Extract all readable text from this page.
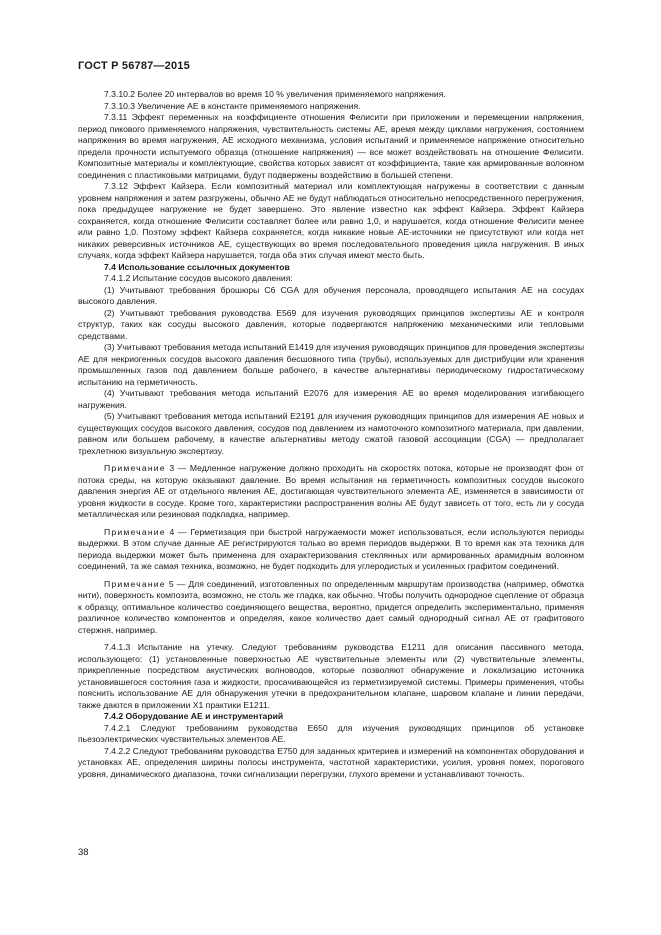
ГОСТ Р 56787—2015

7.3.10.2 Более 20 интервалов во время 10 % увеличения применяемого напряжения.

7.3.10.3 Увеличение АЕ в константе применяемого напряжения.

7.3.11 Эффект переменных на коэффициенте отношения Фелисити при приложении и перемещении напряжения, период пикового применяемого напряжения, чувствительность системы АЕ, время между циклами нагружения, состоянием напряжения во время нагружения, АЕ исходного механизма, условия испытаний и применяемое напряжение относительно предела прочности испытуемого образца (отношение напряжения) — все может воздействовать на отношение Фелисити. Композитные материалы и комплектующие, свойства которых зависят от коэффициента, такие как армированные волокном соединения с пластиковыми матрицами, будут подвержены воздействию в большей степени.

7.3.12 Эффект Кайзера. Если композитный материал или комплектующая нагружены в соответствии с данным уровнем напряжения и затем разгружены, обычно АЕ не будут наблюдаться относительно непосредственного перегружения, пока предыдущее нагружение не будет завершено. Это явление известно как эффект Кайзера. Эффект Кайзера сохраняется, когда отношение Фелисити составляет более или равно 1,0, и нарушается, когда отношение Фелисити менее или равно 1,0. Поэтому эффект Кайзера сохраняется, когда никакие новые АЕ-источники не присутствуют или когда нет никаких реверсивных источников АЕ, существующих во время последовательного проведения цикла нагружения. В иных случаях, когда эффект Кайзера нарушается, тогда оба этих случая имеют место быть.

7.4 Использование ссылочных документов

7.4.1.2 Испытание сосудов высокого давления:

(1) Учитывают требования брошюры С6 CGA для обучения персонала, проводящего испытания АЕ на сосудах высокого давления.

(2) Учитывают требования руководства Е569 для изучения руководящих принципов экспертизы АЕ и контроля структур, таких как сосуды высокого давления, которые подвергаются напряжению механическими или тепловыми средствами.

(3) Учитывают требования метода испытаний Е1419 для изучения руководящих принципов для проведения экспертизы АЕ для некриогенных сосудов высокого давления бесшовного типа (трубы), используемых для дистрибуции или хранения промышленных газов под давлением больше рабочего, в качестве альтернативы периодическому гидростатическому испытанию на герметичность.

(4) Учитывают требования метода испытаний Е2076 для измерения АЕ во время моделирования изгибающего нагружения.

(5) Учитывают требования метода испытаний Е2191 для изучения руководящих принципов для измерения АЕ новых и существующих сосудов высокого давления, сосудов под давлением из намоточного композитного материала, при давлении, равном или большем рабочему, в качестве альтернативы методу сжатой газовой ассоциации (CGA) — предполагает трехлетнюю визуальную экспертизу.

Примечание 3 — Медленное нагружение должно проходить на скоростях потока, которые не производят фон от потока среды, на которую оказывают давление. Во время испытания на герметичность композитных сосудов высокого давления энергия АЕ от отдельного явления АЕ, достигающая чувствительного элемента АЕ, изменяется в зависимости от уровня жидкости в сосуде. Кроме того, характеристики распространения волны АЕ будут зависеть от того, есть ли у сосуда металлическая или резиновая подкладка, например.

Примечание 4 — Герметизация при быстрой нагружаемости может использоваться, если используются периоды выдержки. В этом случае данные АЕ регистрируются только во время периодов выдержки. В то время как эта техника для периода выдержки может быть применена для охарактеризования стеклянных или армированных арамидным волокном соединений, та же самая техника, возможно, не будет подходить для углеродистых и усиленных графитом соединений.

Примечание 5 — Для соединений, изготовленных по определенным маршрутам производства (например, обмотка нити), поверхность композита, возможно, не столь же гладка, как обычно. Чтобы получить однородное сцепление от образца к образцу, оптимальное количество соединяющего вещества, вероятно, придется определить экспериментально, применяя различное количество компонентов и определяя, какое количество дает самый однородный сигнал АЕ от графитового стержня, например.

7.4.1.3 Испытание на утечку. Следуют требованиям руководства Е1211 для описания пассивного метода, использующего: (1) установленные поверхностью АЕ чувствительные элементы или (2) чувствительные элементы, прикрепленные посредством акустических волноводов, которые позволяют обнаружение и локализацию источника установившегося состояния газа и жидкости, просачивающейся из герметизируемой системы. Примеры применения, чтобы пояснить использование АЕ для обнаружения утечки в предохранительном клапане, шаровом клапане и линии передачи, также даются в приложении Х1 практики Е1211.

7.4.2 Оборудование АЕ и инструментарий

7.4.2.1 Следуют требованиям руководства Е650 для изучения руководящих принципов об установке пьезоэлектрических чувствительных элементов АЕ.

7.4.2.2 Следуют требованиям руководства Е750 для заданных критериев и измерений на компонентах оборудования и установках АЕ, определения ширины полосы инструмента, частотной характеристики, усилия, уровня помех, порогового уровня, динамического диапазона, точки сигнализации перегрузки, глухого времени и устанавливают точность.

38
